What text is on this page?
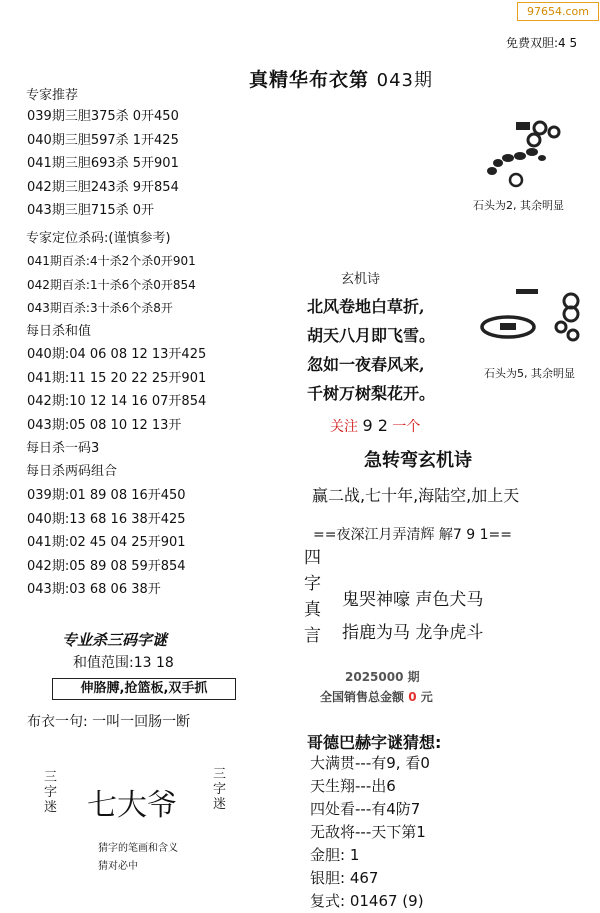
97654.com
免费双胆:4 5
真精华布衣第 043期
专家推荐
039期三胆375杀 0开450
040期三胆597杀 1开425
041期三胆693杀 5开901
042期三胆243杀 9开854
043期三胆715杀 0开
专家定位杀码:(谨慎参考)
041期百杀:4十杀2个杀0开901
042期百杀:1十杀6个杀0开854
043期百杀:3十杀6个杀8开
每日杀和值
040期:04 06 08 12 13开425
041期:11 15 20 22 25开901
042期:10 12 14 16 07开854
043期:05 08 10 12 13开
每日杀一码3
每日杀两码组合
039期:01 89 08 16开450
040期:13 68 16 38开425
041期:02 45 04 25开901
042期:05 89 08 59开854
043期:03 68 06 38开
专业杀三码字谜
和值范围:13 18
伸胳膊,抢篮板,双手抓
布衣一句: 一叫一回肠一断
三字迷
三字迷
七大爷
猜字的笔画和含义
猜对必中
石头为2, 其余明显
玄机诗
北风卷地白草折,
胡天八月即飞雪。
忽如一夜春风来,
千树万树梨花开。
石头为5, 其余明显
关注 9 2 一个
急转弯玄机诗
赢二战,七十年,海陆空,加上天
==夜深江月弄清辉 解7 9 1==
四字真言
鬼哭神嚎 声色犬马
指鹿为马 龙争虎斗
2025000 期
全国销售总金额 0 元
哥德巴赫字谜猜想:
大满贯---有9, 看0
天生翔---出6
四处看---有4防7
无敌将---天下第1
金胆: 1
银胆: 467
复式: 01467 (9)
